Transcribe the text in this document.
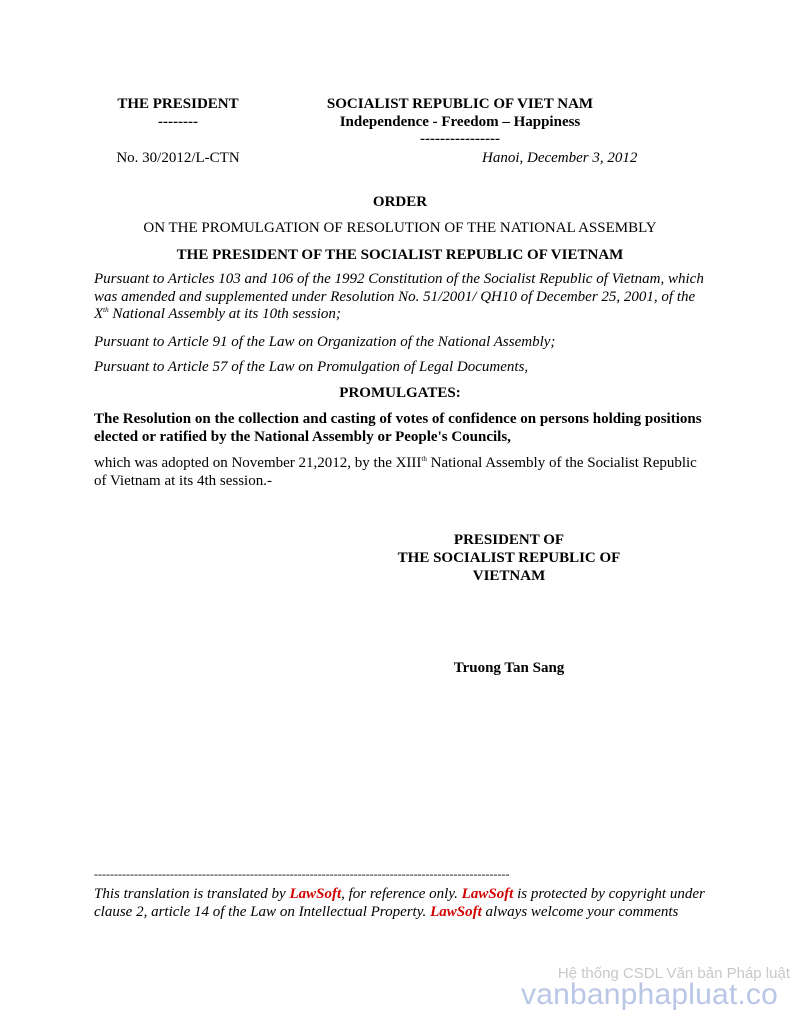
THE PRESIDENT
--------
SOCIALIST REPUBLIC OF VIET NAM
Independence - Freedom – Happiness
----------------
No. 30/2012/L-CTN	Hanoi, December 3, 2012
ORDER
ON THE PROMULGATION OF RESOLUTION OF THE NATIONAL ASSEMBLY
THE PRESIDENT OF THE SOCIALIST REPUBLIC OF VIETNAM
Pursuant to Articles 103 and 106 of the 1992 Constitution of the Socialist Republic of Vietnam, which was amended and supplemented under Resolution No. 51/2001/ QH10 of December 25, 2001, of the Xth National Assembly at its 10th session;
Pursuant to Article 91 of the Law on Organization of the National Assembly;
Pursuant to Article 57 of the Law on Promulgation of Legal Documents,
PROMULGATES:
The Resolution on the collection and casting of votes of confidence on persons holding positions elected or ratified by the National Assembly or People's Councils,
which was adopted on November 21,2012, by the XIIIth National Assembly of the Socialist Republic of Vietnam at its 4th session.-
PRESIDENT OF
THE SOCIALIST REPUBLIC OF
VIETNAM
Truong Tan Sang
--------------------------------------------------------------------------------------------------------
This translation is translated by LawSoft, for reference only. LawSoft is protected by copyright under clause 2, article 14 of the Law on Intellectual Property. LawSoft always welcome your comments
Hệ thống CSDL Văn bản Pháp luật
vanbanphapluat.co
